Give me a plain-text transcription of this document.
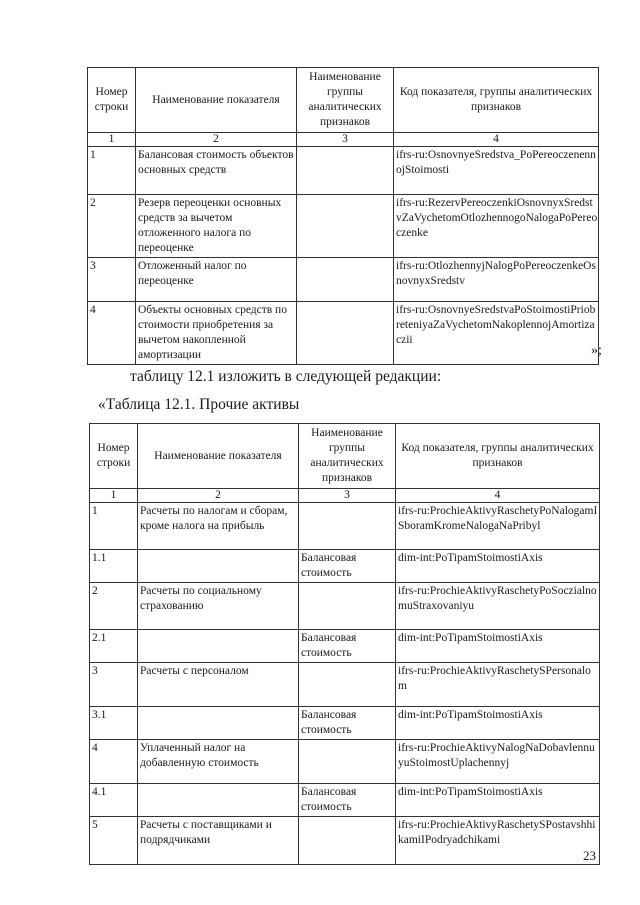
Номер строки	Наименование показателя	Наименование группы аналитических признаков	Код показателя, группы аналитических признаков
1	2	3	4
1	Балансовая стоимость объектов основных средств		ifrs-ru:OsnovnyeSredstva_PoPereoczenennojStoimosti
2	Резерв переоценки основных средств за вычетом отложенного налога по переоценке		ifrs-ru:RezervPereoczenkiOsnovnyxSredstvZaVychetomOtlozhennogoNalogaPoPereoczenke
3	Отложенный налог по переоценке		ifrs-ru:OtlozhennyjNalogPoPereoczenkeOsnovnyxSredstv
4	Объекты основных средств по стоимости приобретения за вычетом накопленной амортизации		ifrs-ru:OsnovnyeSredstvaPoStoimostiPriobreteniyaZaVychetomNakoplennojAmortizaczii
»;
таблицу 12.1 изложить в следующей редакции:
«Таблица 12.1. Прочие активы
Номер строки	Наименование показателя	Наименование группы аналитических признаков	Код показателя, группы аналитических признаков
1	2	3	4
1	Расчеты по налогам и сборам, кроме налога на прибыль		ifrs-ru:ProchieAktivyRaschetyPoNalogamISboramKromeNalogaNaPribyl
1.1		Балансовая стоимость	dim-int:PoTipamStoimostiAxis
2	Расчеты по социальному страхованию		ifrs-ru:ProchieAktivyRaschetyPoSoczialnomuStraxovaniyu
2.1		Балансовая стоимость	dim-int:PoTipamStoimostiAxis
3	Расчеты с персоналом		ifrs-ru:ProchieAktivyRaschetySPersonalom
3.1		Балансовая стоимость	dim-int:PoTipamStoimostiAxis
4	Уплаченный налог на добавленную стоимость		ifrs-ru:ProchieAktivyNalogNaDobavlennuyuStoimostUplachennyj
4.1		Балансовая стоимость	dim-int:PoTipamStoimostiAxis
5	Расчеты с поставщиками и подрядчиками		ifrs-ru:ProchieAktivyRaschetySPostavshhikamiIPodryadchikami
23
